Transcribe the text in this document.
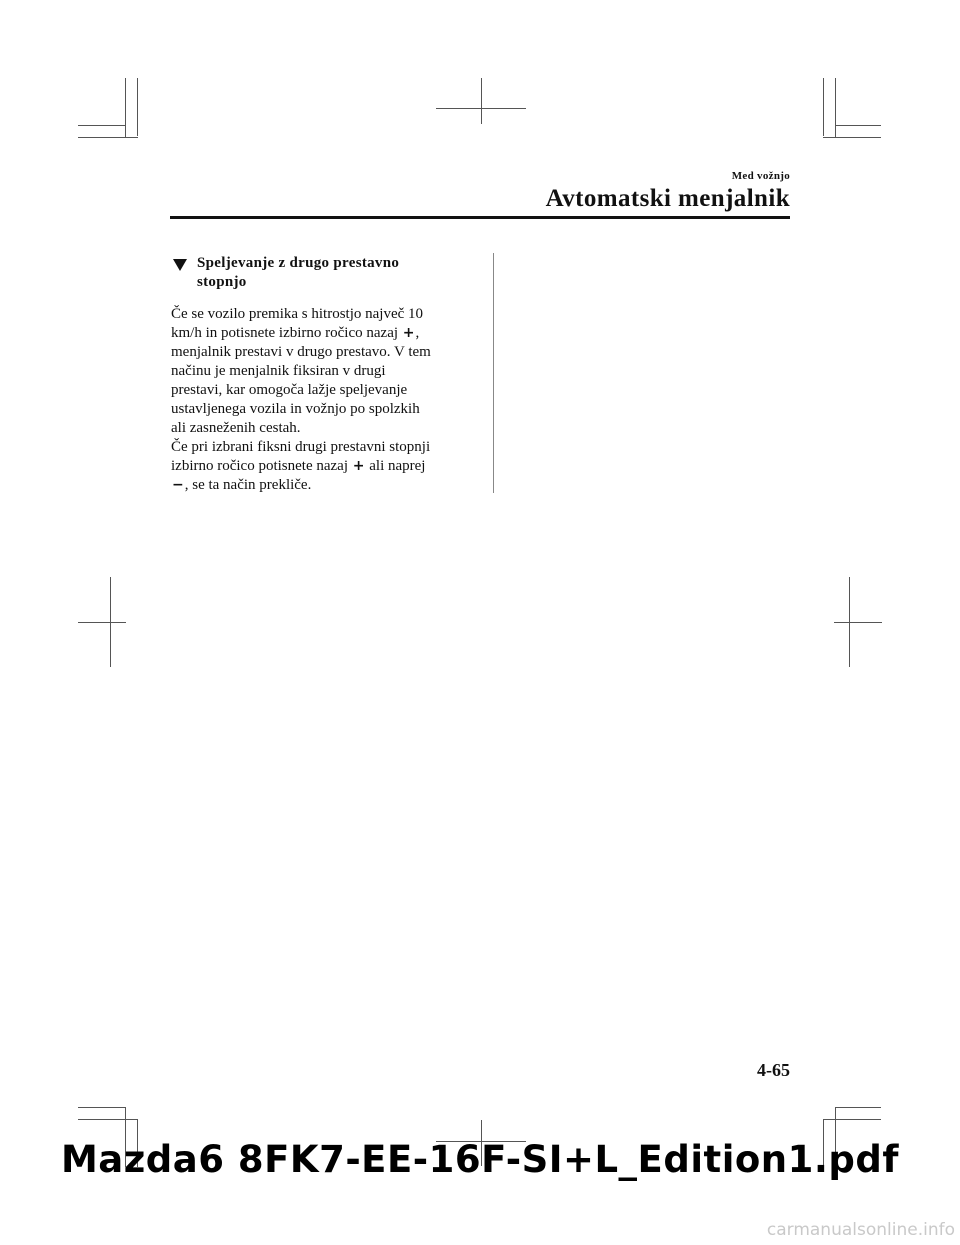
Med vožnjo
Avtomatski menjalnik
Speljevanje z drugo prestavno
stopnjo

Če se vozilo premika s hitrostjo največ 10
km/h in potisnete izbirno ročico nazaj +,
menjalnik prestavi v drugo prestavo. V tem
načinu je menjalnik fiksiran v drugi
prestavi, kar omogoča lažje speljevanje
ustavljenega vozila in vožnjo po spolzkih
ali zasneženih cestah.
Če pri izbrani fiksni drugi prestavni stopnji
izbirno ročico potisnete nazaj + ali naprej
−, se ta način prekliče.

4-65
Mazda6 8FK7-EE-16F-SI+L_Edition1.pdf
carmanualsonline.info
